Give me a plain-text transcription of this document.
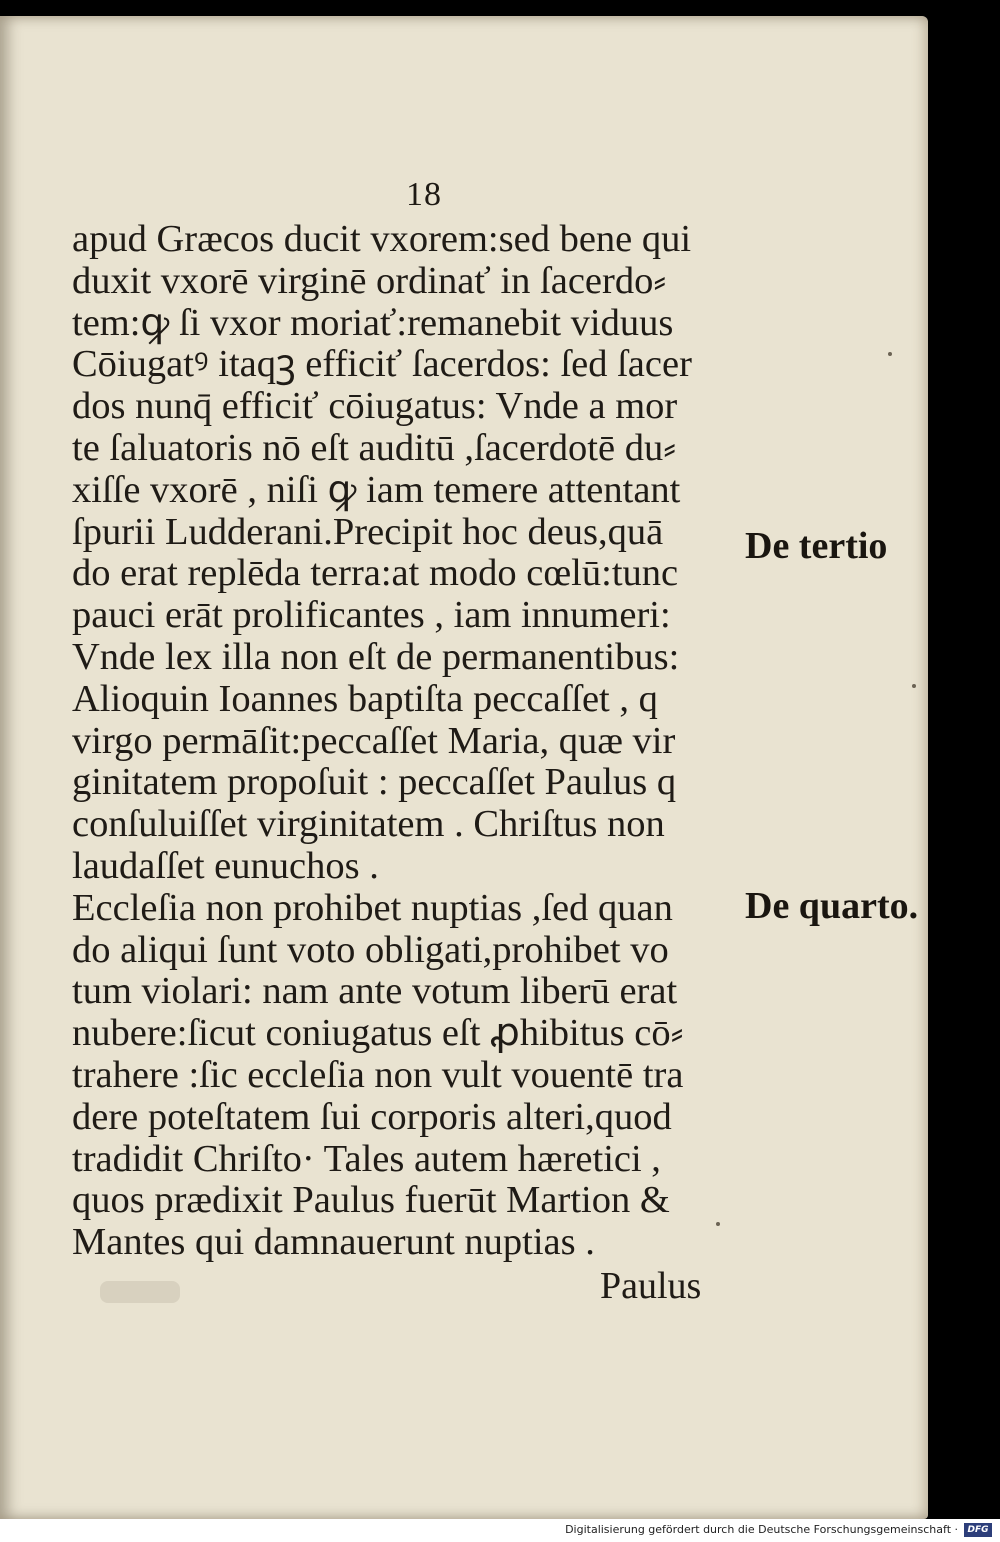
18
apud Græcos ducit vxorem:sed bene qui
duxit vxorē virginē ordinať in ſacerdo⸗
tem:ꝙ ſi vxor moriať:remanebit viduus
Cōiugatꝰ itaqꝫ efficiť ſacerdos: ſed ſacer
dos nunq̄ efficiť cōiugatus: Vnde a mor
te ſaluatoris nō eſt auditū ,ſacerdotē du⸗
xiſſe vxorē , niſi ꝙ iam temere attentant
ſpurii Ludderani.Precipit hoc deus,quā
do erat replēda terra:at modo cœlū:tunc
pauci erāt prolificantes , iam innumeri:
Vnde lex illa non eſt de permanentibus:
Alioquin Ioannes baptiſta peccaſſet , q
virgo permāſit:peccaſſet Maria, quæ vir
ginitatem propoſuit : peccaſſet Paulus q
conſuluiſſet virginitatem . Chriſtus non
laudaſſet eunuchos .
Eccleſia non prohibet nuptias ,ſed quan
do aliqui ſunt voto obligati,prohibet vo
tum violari: nam ante votum liberū erat
nubere:ſicut coniugatus eſt ꝓhibitus cō⸗
trahere :ſic eccleſia non vult vouentē tra
dere poteſtatem ſui corporis alteri,quod
tradidit Chriſto· Tales autem hæretici ,
quos prædixit Paulus fuerūt Martion &
Mantes qui damnauerunt nuptias .
De tertio
De quarto.
Paulus
Digitalisierung gefördert durch die Deutsche Forschungsgemeinschaft ·	DFG
